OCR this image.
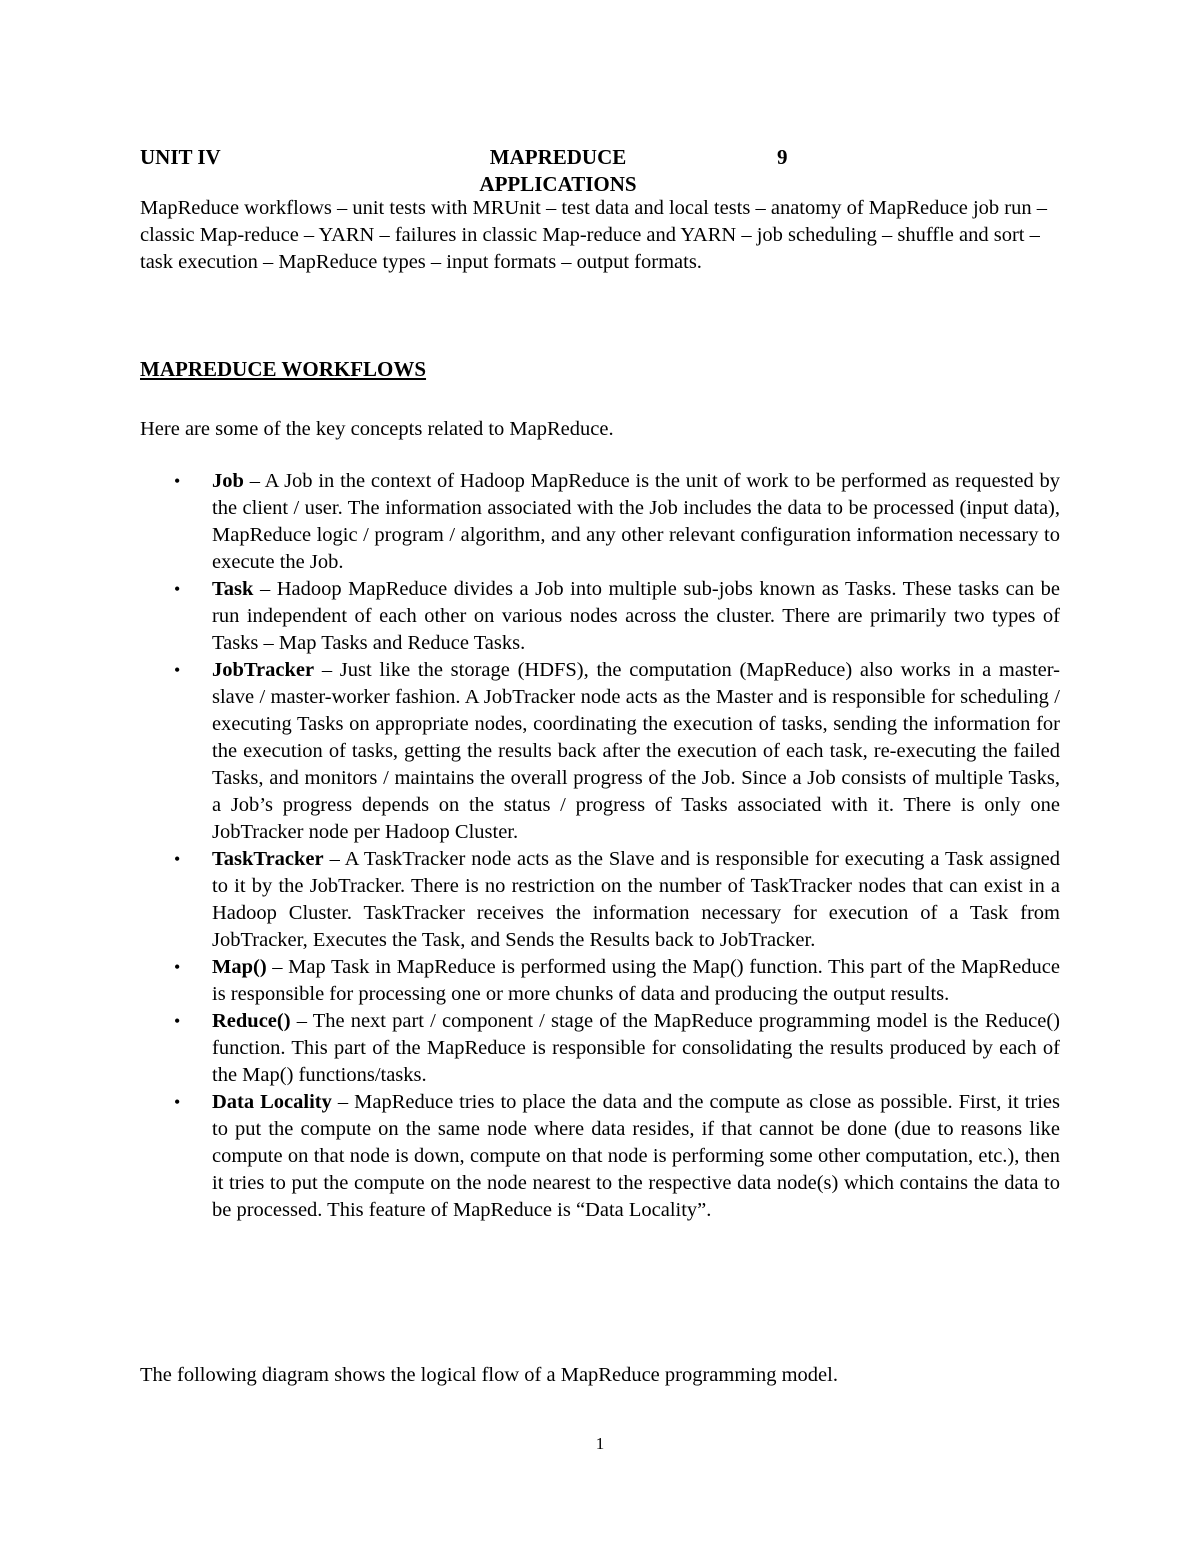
UNIT IV	MAPREDUCE
APPLICATIONS
9
MapReduce workflows – unit tests with MRUnit – test data and local tests – anatomy of MapReduce job run – classic Map-reduce – YARN – failures in classic Map-reduce and YARN – job scheduling – shuffle and sort – task execution – MapReduce types – input formats – output formats.
MAPREDUCE WORKFLOWS
Here are some of the key concepts related to MapReduce.
• Job – A Job in the context of Hadoop MapReduce is the unit of work to be performed as requested by the client / user. The information associated with the Job includes the data to be processed (input data), MapReduce logic / program / algorithm, and any other relevant configuration information necessary to execute the Job.
• Task – Hadoop MapReduce divides a Job into multiple sub-jobs known as Tasks. These tasks can be run independent of each other on various nodes across the cluster. There are primarily two types of Tasks – Map Tasks and Reduce Tasks.
• JobTracker – Just like the storage (HDFS), the computation (MapReduce) also works in a master-slave / master-worker fashion. A JobTracker node acts as the Master and is responsible for scheduling / executing Tasks on appropriate nodes, coordinating the execution of tasks, sending the information for the execution of tasks, getting the results back after the execution of each task, re-executing the failed Tasks, and monitors / maintains the overall progress of the Job. Since a Job consists of multiple Tasks, a Job’s progress depends on the status / progress of Tasks associated with it. There is only one JobTracker node per Hadoop Cluster.
• TaskTracker – A TaskTracker node acts as the Slave and is responsible for executing a Task assigned to it by the JobTracker. There is no restriction on the number of TaskTracker nodes that can exist in a Hadoop Cluster. TaskTracker receives the information necessary for execution of a Task from JobTracker, Executes the Task, and Sends the Results back to JobTracker.
• Map() – Map Task in MapReduce is performed using the Map() function. This part of the MapReduce is responsible for processing one or more chunks of data and producing the output results.
• Reduce() – The next part / component / stage of the MapReduce programming model is the Reduce() function. This part of the MapReduce is responsible for consolidating the results produced by each of the Map() functions/tasks.
• Data Locality – MapReduce tries to place the data and the compute as close as possible. First, it tries to put the compute on the same node where data resides, if that cannot be done (due to reasons like compute on that node is down, compute on that node is performing some other computation, etc.), then it tries to put the compute on the node nearest to the respective data node(s) which contains the data to be processed. This feature of MapReduce is “Data Locality”.
The following diagram shows the logical flow of a MapReduce programming model.
1
